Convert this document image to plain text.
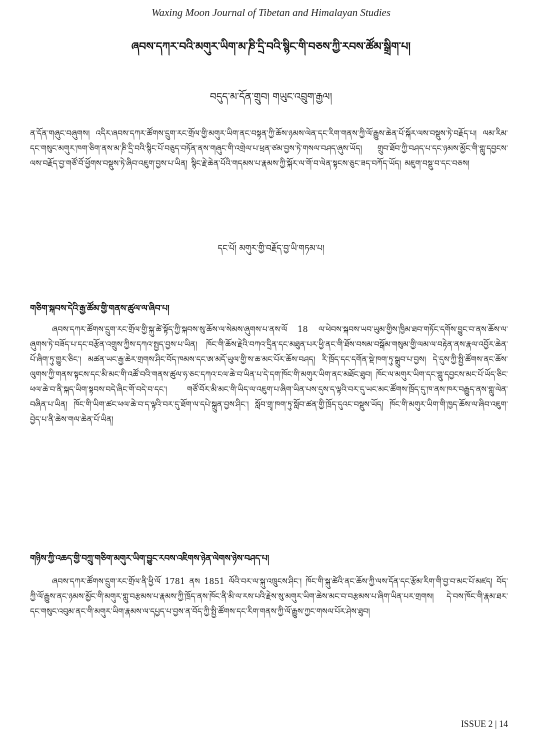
Waxing Moon Journal of Tibetan and Himalayan Studies
ཞབས་དཀར་བའི་མགུར་ཡིག་མ་ཎི་དྲི་བའི་སྙིང་གི་བཅས་ཀྱི་རབས་ཚོམ་སྒྲིག་པ།
བདུད་མ་དོན་གྲུབ། གཡུང་འབྲུག་རྒྱལ།
ན་དོན་གཞུང་བཞུགས། འདིར་ཞབས་དཀར་ཚོགས་དྲུག་རང་གྲོལ་གྱི་མགུར་ཡིག་ནང་བསྟན་ཀྱི་ཆོས་ཉམས་ལེན་དང་རིག་གནས་ཀྱི་ལོ་རྒྱུས་ཆེན་པོ་སྐོར་ལས་བསྡུས་ཏེ་བརྗོད་པ། ལམ་རིམ་དང་གསུང་མགུར་ཁག་ཅིག་ནས་མ་ཎི་དྲི་བའི་སྙིང་པོ་བཅུད་བཏོན་ནས་གཞུང་གི་འགྲེལ་པ་ཕྲན་ཙམ་བྱས་ཏེ་གསལ་བཤད་ཞུས་ཡོད། གྲུབ་ཐོབ་ཀྱི་བཤད་པ་དང་ཉམས་མྱོང་གི་གླུ་དབྱངས་ལས་བརྗོད་བྱ་གཙོ་བོ་ཕྱོགས་བསྡུས་ཏེ་ཞིབ་འཇུག་བྱས་པ་ཡིན། སྙིང་རྗེ་ཆེན་པོའི་གདམས་པ་རྣམས་ཀྱི་སྐོར་ལ་གོ་བ་ལེན་སྟངས་ཅུང་ཟད་བཀོད་ཡོད། མཇུག་བསྡུ་བ་དང་བཅས།
དང་པོ། མགུར་གྱི་བརྗོད་བྱ་ཡི་གཏམ་པ།
གཅིག་སྐབས་དེའི་རྒྱ་ཚོམ་གྱི་གནས་ཚུལ་ལ་ཞིབ་པ།
ཞབས་དཀར་ཚོགས་དྲུག་རང་གྲོལ་གྱི་སྐུ་ཚེ་སྟོད་ཀྱི་སྐབས་སུ་ཆོས་ལ་སེམས་ཞུགས་པ་ནས་ལོ 18 ལ་ཕེབས་སྐབས་ཡབ་ཡུམ་གྱིས་ཁྱིམ་ཐབ་གཏོང་དགོས་བྱུང་བ་ནས་ཆོས་ལ་ཞུགས་ཏེ་བཟོད་པ་དང་བརྩོན་འགྲུས་ཀྱིས་དཀའ་སྤྱད་བྱས་པ་ཡིན། ཁོང་གི་ཆོས་རྗེའི་བཀའ་དྲིན་དང་མཐུན་པར་ཕྱི་ནང་གི་ཐོས་བསམ་བསྒོམ་གསུམ་གྱི་ལམ་ལ་བརྟེན་ནས་རྣལ་འབྱོར་ཆེན་པོ་ཞིག་ཏུ་གྱུར་ཅིང་། མཚན་ཡང་རྒྱ་ཆེར་གྲགས་ཤིང་བོད་ཁམས་དང་ཨ་མདོ་ཡུལ་གྱི་ས་ཆ་མང་པོར་ཆོས་བཤད། རི་ཁྲོད་དང་དགོན་སྡེ་ཁག་ཏུ་སྒྲུབ་པ་བྱས། དེ་དུས་ཀྱི་སྤྱི་ཚོགས་ནང་ཆོས་ལུགས་ཀྱི་གནས་སྟངས་དང་མི་མང་གི་འཚོ་བའི་གནས་ཚུལ་ཧ་ཅང་དཀའ་ངལ་ཆེ་བ་ཡིན་པ་དེ་དག་ཁོང་གི་མགུར་ཡིག་ནང་མཐོང་ཐུབ། ཁོང་ལ་མགུར་ཡིག་དང་གླུ་དབྱངས་མང་པོ་ཡོད་ཅིང་ཕལ་ཆེ་བ་ནི་སྐད་ཡིག་སྟབས་བདེ་ཞིང་གོ་བདེ་བ་དང་། གཙོ་བོར་མི་མང་གི་ཡིད་ལ་འཇུག་པ་ཞིག་ཡིན་པས་དུས་ད་ལྟའི་བར་དུ་ཡང་མང་ཚོགས་ཁྲོད་དུ་ཁ་ནས་ཁར་བརྒྱུད་ནས་གླུ་ལེན་བཞིན་པ་ཡིན། ཁོང་གི་ཡིག་ཚང་ཕལ་ཆེ་བ་ད་ལྟའི་བར་དུ་ཐོག་ལ་དཔེ་སྐྲུན་བྱས་ཤིང་། སློབ་གྲྭ་ཁག་ཏུ་སློབ་ཚན་གྱི་ཁྲོད་དུའང་བསྡུས་ཡོད། ཁོང་གི་མགུར་ཡིག་གི་ཁྱད་ཆོས་ལ་ཞིབ་འཇུག་བྱེད་པ་ནི་ཆེས་གལ་ཆེན་པོ་ཡིན།
གཉིས་ཀྱི་འཆད་གྱི་བཀྲུ་གཅིག་མགུར་ཡིག་བྱུང་རབས་འཇིགས་ཉེན་ལེགས་ཉེས་བཤད་པ།
ཞབས་དཀར་ཚོགས་དྲུག་རང་གྲོལ་ནི་ཕྱི་ལོ 1781 ནས 1851 ལོའི་བར་ལ་སྐུ་འཁྲུངས་ཤིང་། ཁོང་གི་སྐུ་ཚེའི་ནང་ཆོས་ཀྱི་ལས་དོན་དང་རྩོམ་རིག་གི་བྱ་བ་མང་པོ་མཛད། བོད་ཀྱི་ལོ་རྒྱུས་ནང་ཉམས་མྱོང་གི་མགུར་གླུ་བརྩམས་པ་རྣམས་ཀྱི་ཁྲོད་ནས་ཁོང་ནི་མི་ལ་རས་པའི་རྗེས་སུ་མགུར་ཡིག་ཆེས་མང་བ་བརྩམས་པ་ཞིག་ཡིན་པར་གྲགས། དེ་བས་ཁོང་གི་རྣམ་ཐར་དང་གསུང་འབུམ་ནང་གི་མགུར་ཡིག་རྣམས་ལ་དཔྱད་པ་བྱས་ན་བོད་ཀྱི་སྤྱི་ཚོགས་དང་རིག་གནས་ཀྱི་ལོ་རྒྱུས་ཀྱང་གསལ་པོར་ཤེས་ཐུབ།
ISSUE 2 | 14
